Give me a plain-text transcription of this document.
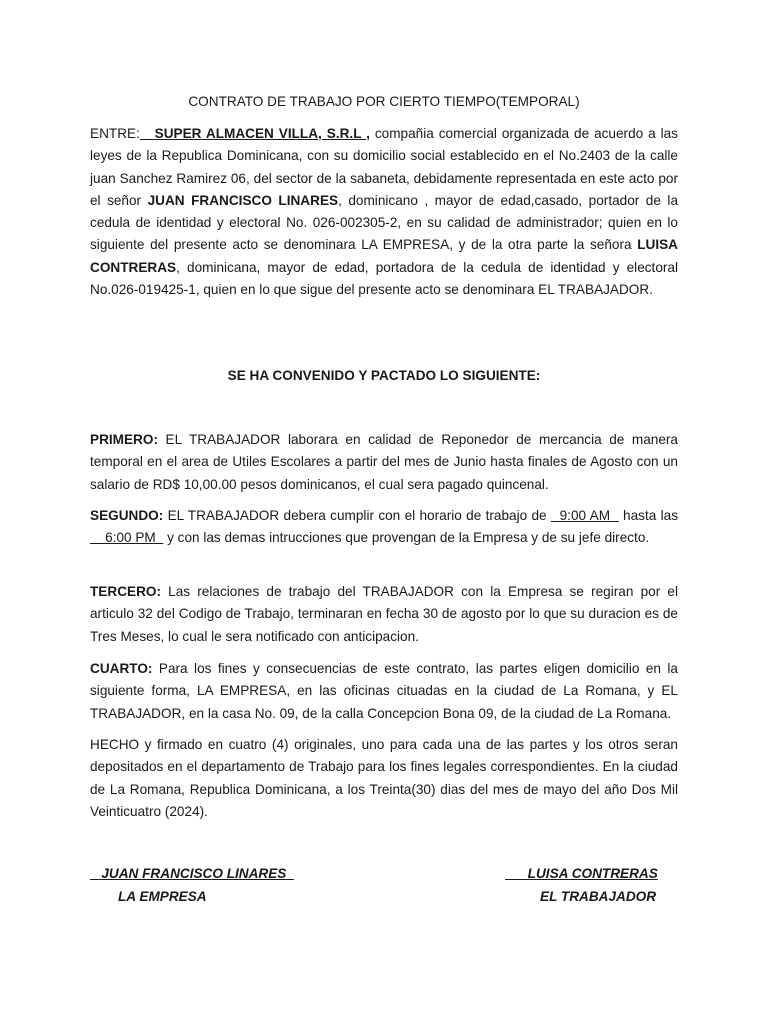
CONTRATO DE TRABAJO POR CIERTO TIEMPO(TEMPORAL)
ENTRE: SUPER ALMACEN VILLA, S.R.L , compañia comercial organizada de acuerdo a las leyes de la Republica Dominicana, con su domicilio social establecido en el No.2403 de la calle juan Sanchez Ramirez 06, del sector de la sabaneta, debidamente representada en este acto por el señor JUAN FRANCISCO LINARES, dominicano , mayor de edad,casado, portador de la cedula de identidad y electoral No. 026-002305-2, en su calidad de administrador; quien en lo siguiente del presente acto se denominara LA EMPRESA, y de la otra parte la señora LUISA CONTRERAS, dominicana, mayor de edad, portadora de la cedula de identidad y electoral No.026-019425-1, quien en lo que sigue del presente acto se denominara EL TRABAJADOR.
SE HA CONVENIDO Y PACTADO LO SIGUIENTE:
PRIMERO: EL TRABAJADOR laborara en calidad de Reponedor de mercancia de manera temporal en el area de Utiles Escolares a partir del mes de Junio hasta finales de Agosto con un salario de RD$ 10,00.00 pesos dominicanos, el cual sera pagado quincenal.
SEGUNDO: EL TRABAJADOR debera cumplir con el horario de trabajo de   9:00 AM   hasta las     6:00 PM   y con las demas intrucciones que provengan de la Empresa y de su jefe directo.
TERCERO: Las relaciones de trabajo del TRABAJADOR con la Empresa se regiran por el articulo 32 del Codigo de Trabajo, terminaran en fecha 30 de agosto por lo que su duracion es de Tres Meses, lo cual le sera notificado con anticipacion.
CUARTO: Para los fines y consecuencias de este contrato, las partes eligen domicilio en la siguiente forma, LA EMPRESA, en las oficinas cituadas en la ciudad de La Romana, y EL TRABAJADOR, en la casa No. 09, de la calla Concepcion Bona 09, de la ciudad de La Romana.
HECHO y firmado en cuatro (4) originales, uno para cada una de las partes y los otros seran depositados en el departamento de Trabajo para los fines legales correspondientes. En la ciudad de La Romana, Republica Dominicana, a los Treinta(30) dias del mes de mayo del año Dos Mil Veinticuatro (2024).
JUAN FRANCISCO LINARES
LA EMPRESA
LUISA CONTRERAS
EL TRABAJADOR
